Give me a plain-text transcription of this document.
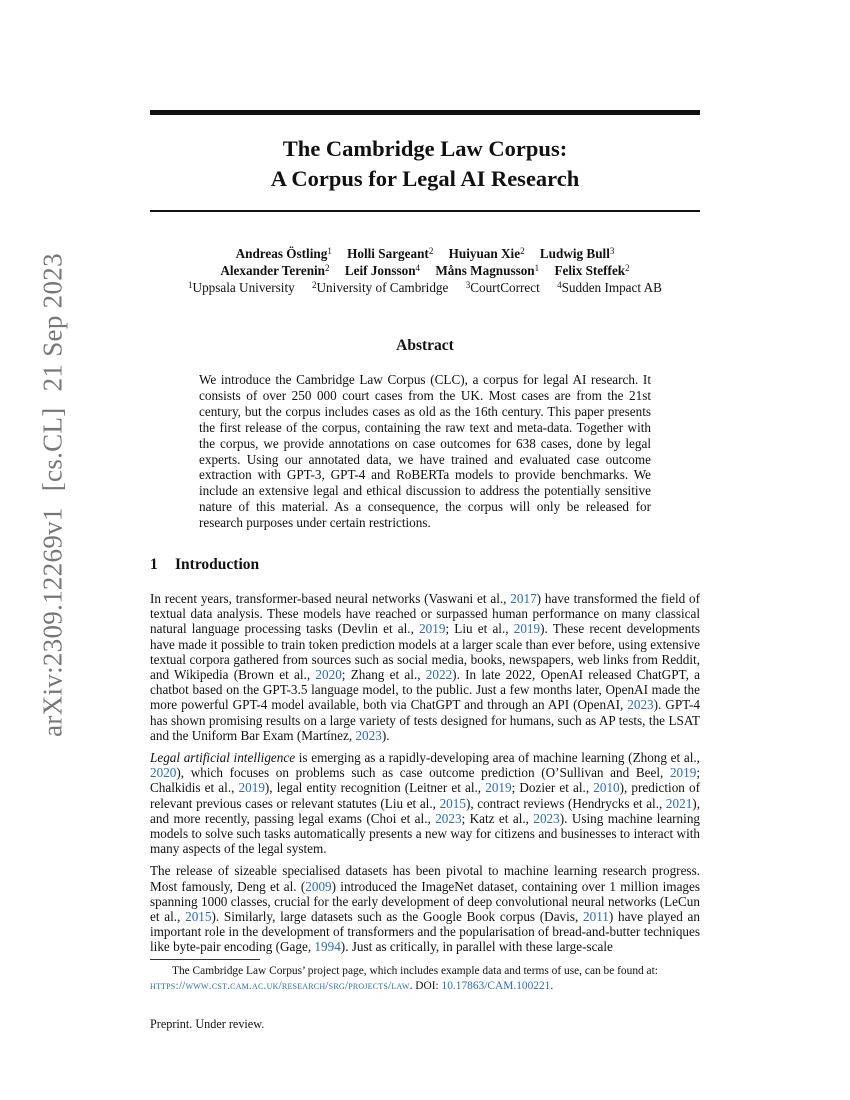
arXiv:2309.12269v1[cs.CL]21 Sep 2023
The Cambridge Law Corpus:
A Corpus for Legal AI Research
Andreas Östling$^1$ Holli Sargeant$^2$ Huiyuan Xie$^2$ Ludwig Bull$^3$
Alexander Terenin$^2$ Leif Jonsson$^4$ Måns Magnusson$^1$ Felix Steffek$^2$
$^1$Uppsala University $^2$University of Cambridge $^3$CourtCorrect $^4$Sudden Impact AB
Abstract
We introduce the Cambridge Law Corpus (CLC), a corpus for legal AI research. It consists of over 250 000 court cases from the UK. Most cases are from the 21st century, but the corpus includes cases as old as the 16th century. This paper presents the first release of the corpus, containing the raw text and meta-data. Together with the corpus, we provide annotations on case outcomes for 638 cases, done by legal experts. Using our annotated data, we have trained and evaluated case outcome extraction with GPT-3, GPT-4 and RoBERTa models to provide benchmarks. We include an extensive legal and ethical discussion to address the potentially sensitive nature of this material. As a consequence, the corpus will only be released for research purposes under certain restrictions.
1 Introduction

In recent years, transformer-based neural networks (Vaswani et al., 2017) have transformed the field of textual data analysis. These models have reached or surpassed human performance on many classical natural language processing tasks (Devlin et al., 2019; Liu et al., 2019). These recent developments have made it possible to train token prediction models at a larger scale than ever before, using extensive textual corpora gathered from sources such as social media, books, newspapers, web links from Reddit, and Wikipedia (Brown et al., 2020; Zhang et al., 2022). In late 2022, OpenAI released ChatGPT, a chatbot based on the GPT-3.5 language model, to the public. Just a few months later, OpenAI made the more powerful GPT-4 model available, both via ChatGPT and through an API (OpenAI, 2023). GPT-4 has shown promising results on a large variety of tests designed for humans, such as AP tests, the LSAT and the Uniform Bar Exam (Martínez, 2023).

Legal artificial intelligence is emerging as a rapidly-developing area of machine learning (Zhong et al., 2020), which focuses on problems such as case outcome prediction (O’Sullivan and Beel, 2019; Chalkidis et al., 2019), legal entity recognition (Leitner et al., 2019; Dozier et al., 2010), prediction of relevant previous cases or relevant statutes (Liu et al., 2015), contract reviews (Hendrycks et al., 2021), and more recently, passing legal exams (Choi et al., 2023; Katz et al., 2023). Using machine learning models to solve such tasks automatically presents a new way for citizens and businesses to interact with many aspects of the legal system.

The release of sizeable specialised datasets has been pivotal to machine learning research progress. Most famously, Deng et al. (2009) introduced the ImageNet dataset, containing over 1 million images spanning 1000 classes, crucial for the early development of deep convolutional neural networks (LeCun et al., 2015). Similarly, large datasets such as the Google Book corpus (Davis, 2011) have played an important role in the development of transformers and the popularisation of bread-and-butter techniques like byte-pair encoding (Gage, 1994). Just as critically, in parallel with these large-scale

The Cambridge Law Corpus’ project page, which includes example data and terms of use, can be found at: https://www.cst.cam.ac.uk/research/srg/projects/law. DOI: 10.17863/CAM.100221.
Preprint. Under review.
